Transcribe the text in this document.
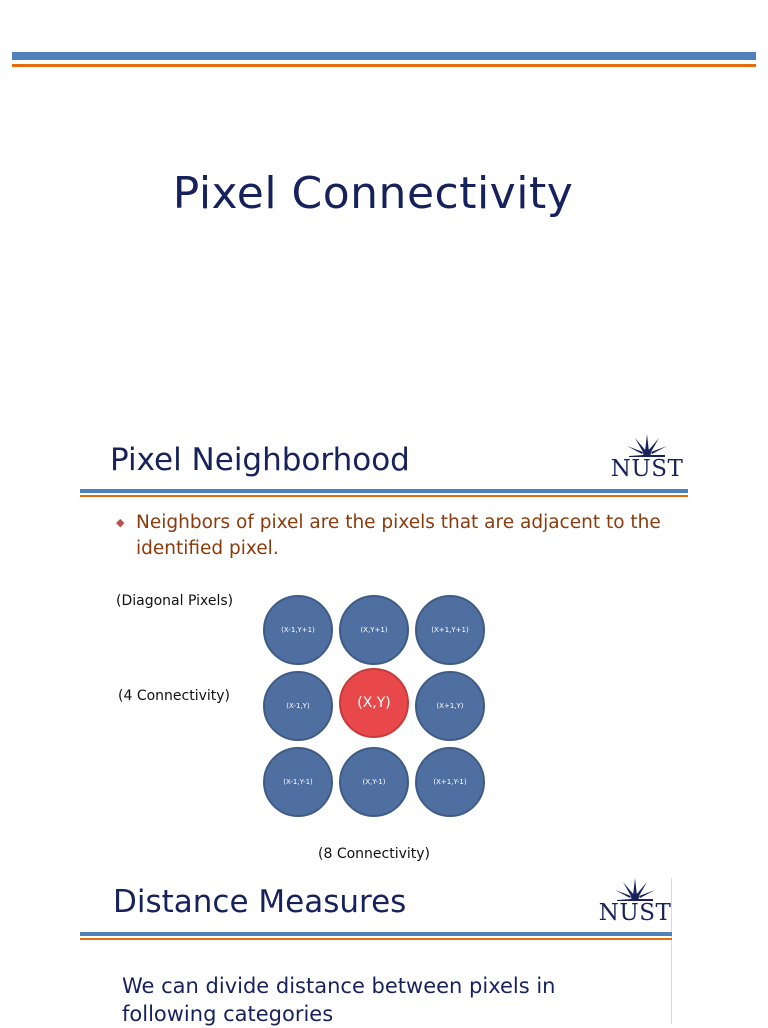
Pixel Connectivity
Pixel Neighborhood	NUST
◆ Neighbors of pixel are the pixels that are adjacent to the identified pixel.
(Diagonal Pixels)
(4 Connectivity)
(8 Connectivity)
(X-1,Y+1)	(X,Y+1)	(X+1,Y+1)
(X-1,Y)	(X,Y)	(X+1,Y)
(X-1,Y-1)	(X,Y-1)	(X+1,Y-1)
Distance Measures	NUST
We can divide distance between pixels in following categories
